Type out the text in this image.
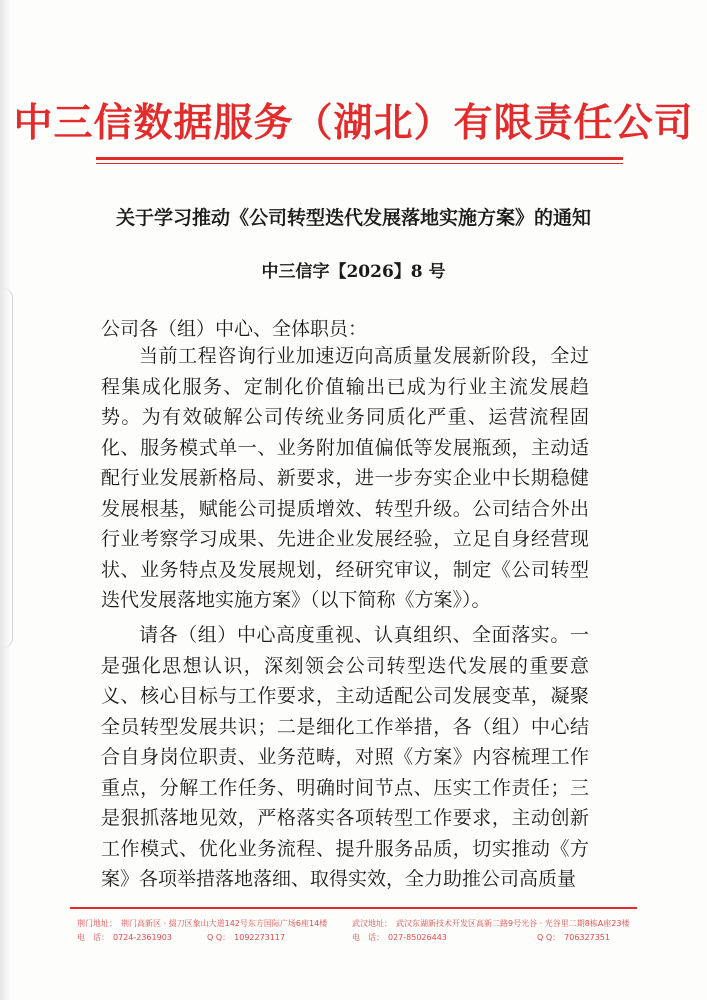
中三信数据服务（湖北）有限责任公司
关于学习推动《公司转型迭代发展落地实施方案》的通知
中三信字【2026】8 号
公司各（组）中心、全体职员：

当前工程咨询行业加速迈向高质量发展新阶段，全过程集成化服务、定制化价值输出已成为行业主流发展趋势。为有效破解公司传统业务同质化严重、运营流程固化、服务模式单一、业务附加值偏低等发展瓶颈，主动适配行业发展新格局、新要求，进一步夯实企业中长期稳健发展根基，赋能公司提质增效、转型升级。公司结合外出行业考察学习成果、先进企业发展经验，立足自身经营现状、业务特点及发展规划，经研究审议，制定《公司转型迭代发展落地实施方案》（以下简称《方案》）。

请各（组）中心高度重视、认真组织、全面落实。一是强化思想认识，深刻领会公司转型迭代发展的重要意义、核心目标与工作要求，主动适配公司发展变革，凝聚全员转型发展共识；二是细化工作举措，各（组）中心结合自身岗位职责、业务范畴，对照《方案》内容梳理工作重点，分解工作任务、明确时间节点、压实工作责任；三是狠抓落地见效，严格落实各项转型工作要求，主动创新工作模式、优化业务流程、提升服务品质，切实推动《方案》各项举措落地落细、取得实效，全力助推公司高质量

荆门地址： 荆门高新区 · 掇刀区象山大道142号东方国际广场6座14楼
电　话： 0724-2361903	Q Q： 1092273117
武汉地址： 武汉东湖新技术开发区高新二路9号光谷 · 光谷里二期8栋A座23楼
电　话： 027-85026443	Q Q： 706327351
